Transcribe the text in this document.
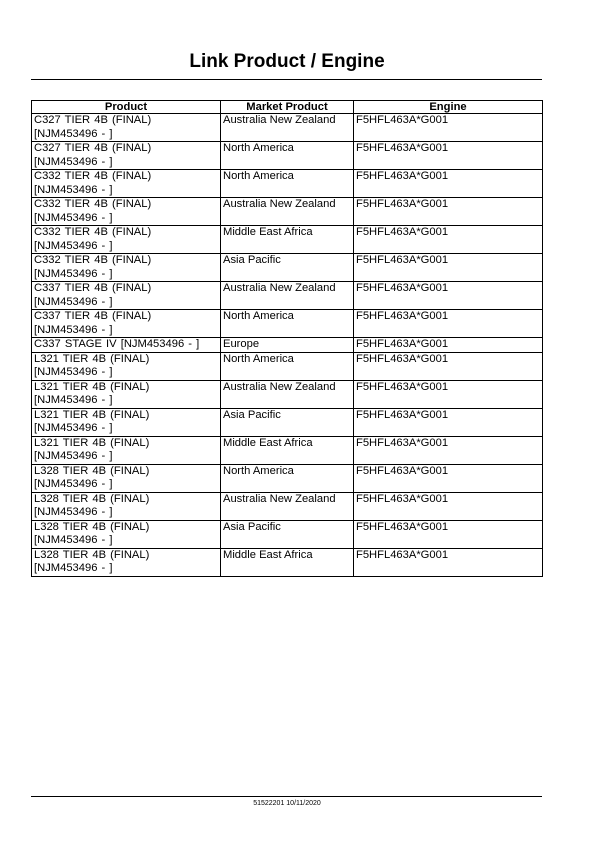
Link Product / Engine
Product	Market Product	Engine

C327 TIER 4B (FINAL)
[NJM453496 - ]	Australia New Zealand	F5HFL463A*G001

C327 TIER 4B (FINAL)
[NJM453496 - ]	North America	F5HFL463A*G001

C332 TIER 4B (FINAL)
[NJM453496 - ]	North America	F5HFL463A*G001

C332 TIER 4B (FINAL)
[NJM453496 - ]	Australia New Zealand	F5HFL463A*G001

C332 TIER 4B (FINAL)
[NJM453496 - ]	Middle East Africa	F5HFL463A*G001

C332 TIER 4B (FINAL)
[NJM453496 - ]	Asia Pacific	F5HFL463A*G001

C337 TIER 4B (FINAL)
[NJM453496 - ]	Australia New Zealand	F5HFL463A*G001

C337 TIER 4B (FINAL)
[NJM453496 - ]	North America	F5HFL463A*G001

C337 STAGE IV [NJM453496 - ]	Europe	F5HFL463A*G001

L321 TIER 4B (FINAL)
[NJM453496 - ]	North America	F5HFL463A*G001

L321 TIER 4B (FINAL)
[NJM453496 - ]	Australia New Zealand	F5HFL463A*G001

L321 TIER 4B (FINAL)
[NJM453496 - ]	Asia Pacific	F5HFL463A*G001

L321 TIER 4B (FINAL)
[NJM453496 - ]	Middle East Africa	F5HFL463A*G001

L328 TIER 4B (FINAL)
[NJM453496 - ]	North America	F5HFL463A*G001

L328 TIER 4B (FINAL)
[NJM453496 - ]	Australia New Zealand	F5HFL463A*G001

L328 TIER 4B (FINAL)
[NJM453496 - ]	Asia Pacific	F5HFL463A*G001

L328 TIER 4B (FINAL)
[NJM453496 - ]	Middle East Africa	F5HFL463A*G001
51522201 10/11/2020
